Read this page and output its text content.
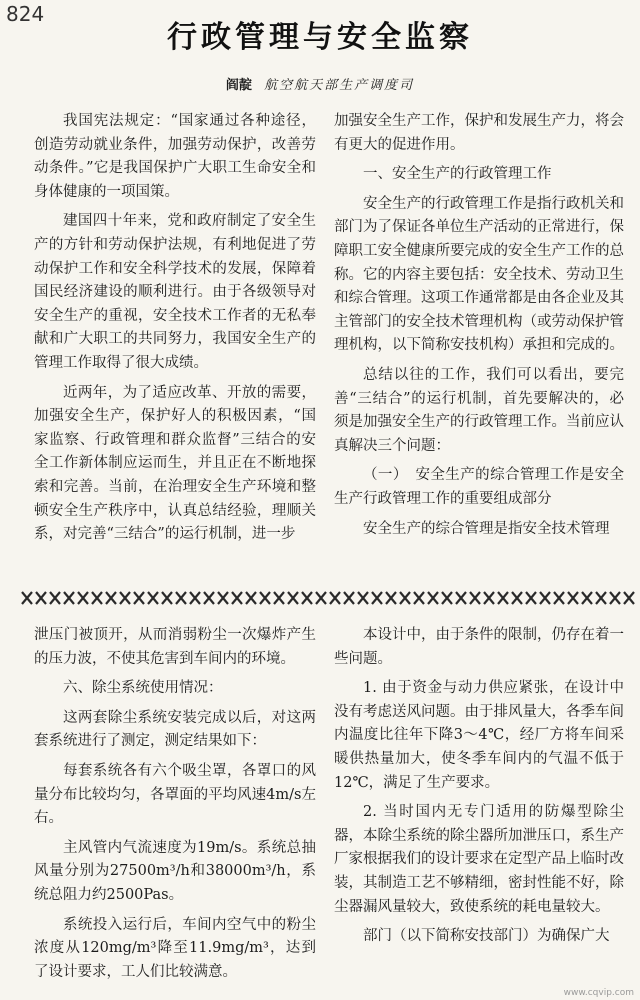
824
行政管理与安全监察
阎靛 航空航天部生产调度司

我国宪法规定：“国家通过各种途径，创造劳动就业条件，加强劳动保护，改善劳动条件。”它是我国保护广大职工生命安全和身体健康的一项国策。

建国四十年来，党和政府制定了安全生产的方针和劳动保护法规，有利地促进了劳动保护工作和安全科学技术的发展，保障着国民经济建设的顺利进行。由于各级领导对安全生产的重视，安全技术工作者的无私奉献和广大职工的共同努力，我国安全生产的管理工作取得了很大成绩。

近两年，为了适应改革、开放的需要，加强安全生产，保护好人的积极因素，“国家监察、行政管理和群众监督”三结合的安全工作新体制应运而生，并且正在不断地探索和完善。当前，在治理安全生产环境和整顿安全生产秩序中，认真总结经验，理顺关系，对完善“三结合”的运行机制，进一步

加强安全生产工作，保护和发展生产力，将会有更大的促进作用。

一、安全生产的行政管理工作

安全生产的行政管理工作是指行政机关和部门为了保证各单位生产活动的正常进行，保障职工安全健康所要完成的安全生产工作的总称。它的内容主要包括：安全技术、劳动卫生和综合管理。这项工作通常都是由各企业及其主管部门的安全技术管理机构（或劳动保护管理机构，以下简称安技机构）承担和完成的。

总结以往的工作，我们可以看出，要完善“三结合”的运行机制，首先要解决的，必须是加强安全生产的行政管理工作。当前应认真解决三个问题：

（一）　安全生产的综合管理工作是安全生产行政管理工作的重要组成部分

安全生产的综合管理是指安全技术管理

泄压门被顶开，从而消弱粉尘一次爆炸产生的压力波，不使其危害到车间内的环境。

六、除尘系统使用情况：

这两套除尘系统安装完成以后，对这两套系统进行了测定，测定结果如下：

每套系统各有六个吸尘罩，各罩口的风量分布比较均匀，各罩面的平均风速4m/s左右。

主风管内气流速度为19m/s。系统总抽风量分别为27500m³/h和38000m³/h，系统总阻力约2500Pas。

系统投入运行后，车间内空气中的粉尘浓度从120mg/m³降至11.9mg/m³，达到了设计要求，工人们比较满意。

本设计中，由于条件的限制，仍存在着一些问题。

1. 由于资金与动力供应紧张，在设计中没有考虑送风问题。由于排风量大，各季车间内温度比往年下降3～4℃，经厂方将车间采暖供热量加大，使冬季车间内的气温不低于12℃，满足了生产要求。

2. 当时国内无专门适用的防爆型除尘器，本除尘系统的除尘器所加泄压口，系生产厂家根据我们的设计要求在定型产品上临时改装，其制造工艺不够精细，密封性能不好，除尘器漏风量较大，致使系统的耗电量较大。

部门（以下简称安技部门）为确保广大

www.cqvip.com
